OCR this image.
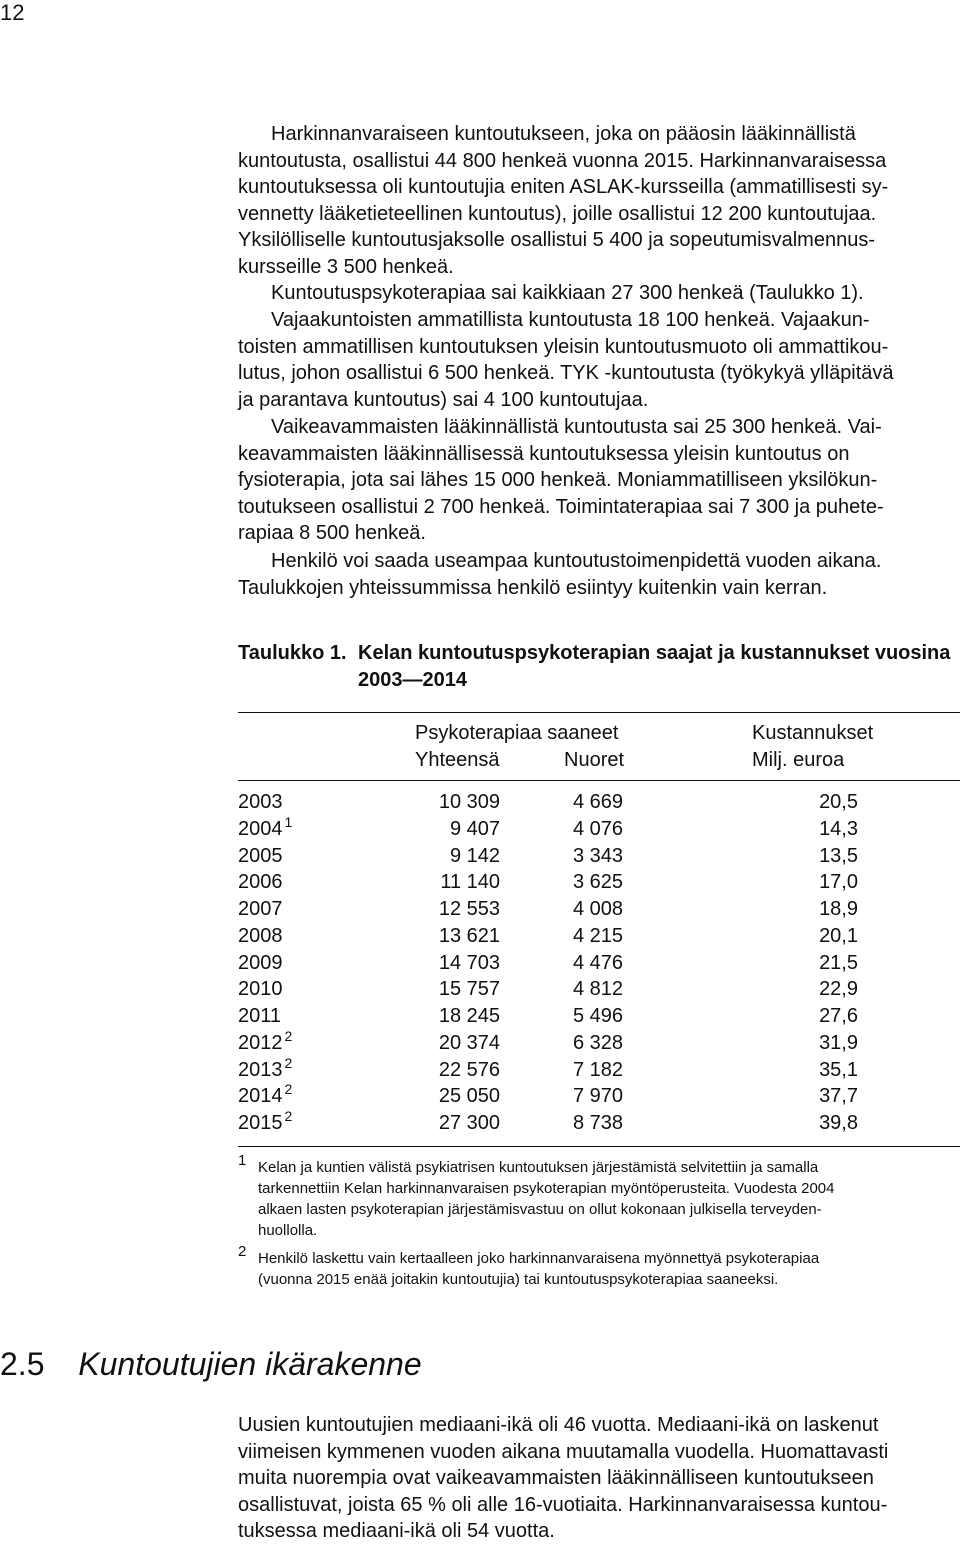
12

Harkinnanvaraiseen kuntoutukseen, joka on pääosin lääkinnällistä
kuntoutusta, osallistui 44 800 henkeä vuonna 2015. Harkinnanvaraisessa
kuntoutuksessa oli kuntoutujia eniten ASLAK-kursseilla (ammatillisesti sy-
vennetty lääketieteellinen kuntoutus), joille osallistui 12 200 kuntoutujaa.
Yksilölliselle kuntoutusjaksolle osallistui 5 400 ja sopeutumisvalmennus-
kursseille 3 500 henkeä.

Kuntoutuspsykoterapiaa sai kaikkiaan 27 300 henkeä (Taulukko 1).

Vajaakuntoisten ammatillista kuntoutusta 18 100 henkeä. Vajaakun-
toisten ammatillisen kuntoutuksen yleisin kuntoutusmuoto oli ammattikou-
lutus, johon osallistui 6 500 henkeä. TYK -kuntoutusta (työkykyä ylläpitävä
ja parantava kuntoutus) sai 4 100 kuntoutujaa.

Vaikeavammaisten lääkinnällistä kuntoutusta sai 25 300 henkeä. Vai-
keavammaisten lääkinnällisessä kuntoutuksessa yleisin kuntoutus on
fysioterapia, jota sai lähes 15 000 henkeä. Moniammatilliseen yksilökun-
toutukseen osallistui 2 700 henkeä. Toimintaterapiaa sai 7 300 ja puhete-
rapiaa 8 500 henkeä.

Henkilö voi saada useampaa kuntoutustoimenpidettä vuoden aikana.
Taulukkojen yhteissummissa henkilö esiintyy kuitenkin vain kerran.

Taulukko 1. Kelan kuntoutuspsykoterapian saajat ja kustannukset vuosina
2003—2014
Psykoterapiaa saaneet
Yhteensä	Nuoret
Kustannukset
Milj. euroa
2003	10 309	4 669	20,5
2004 $^1$	9 407	4 076	14,3
2005	9 142	3 343	13,5
2006	11 140	3 625	17,0
2007	12 553	4 008	18,9
2008	13 621	4 215	20,1
2009	14 703	4 476	21,5
2010	15 757	4 812	22,9
2011	18 245	5 496	27,6
2012 $^2$	20 374	6 328	31,9
2013 $^2$	22 576	7 182	35,1
2014 $^2$	25 050	7 970	37,7
2015 $^2$	27 300	8 738	39,8
1 Kelan ja kuntien välistä psykiatrisen kuntoutuksen järjestämistä selvitettiin ja samalla
tarkennettiin Kelan harkinnanvaraisen psykoterapian myöntöperusteita. Vuodesta 2004
alkaen lasten psykoterapian järjestämisvastuu on ollut kokonaan julkisella terveyden-
huollolla.
2 Henkilö laskettu vain kertaalleen joko harkinnanvaraisena myönnettyä psykoterapiaa
(vuonna 2015 enää joitakin kuntoutujia) tai kuntoutuspsykoterapiaa saaneeksi.
2.5 Kuntoutujien ikärakenne

Uusien kuntoutujien mediaani-ikä oli 46 vuotta. Mediaani-ikä on laskenut
viimeisen kymmenen vuoden aikana muutamalla vuodella. Huomattavasti
muita nuorempia ovat vaikeavammaisten lääkinnälliseen kuntoutukseen
osallistuvat, joista 65 % oli alle 16-vuotiaita. Harkinnanvaraisessa kuntou-
tuksessa mediaani-ikä oli 54 vuotta.
